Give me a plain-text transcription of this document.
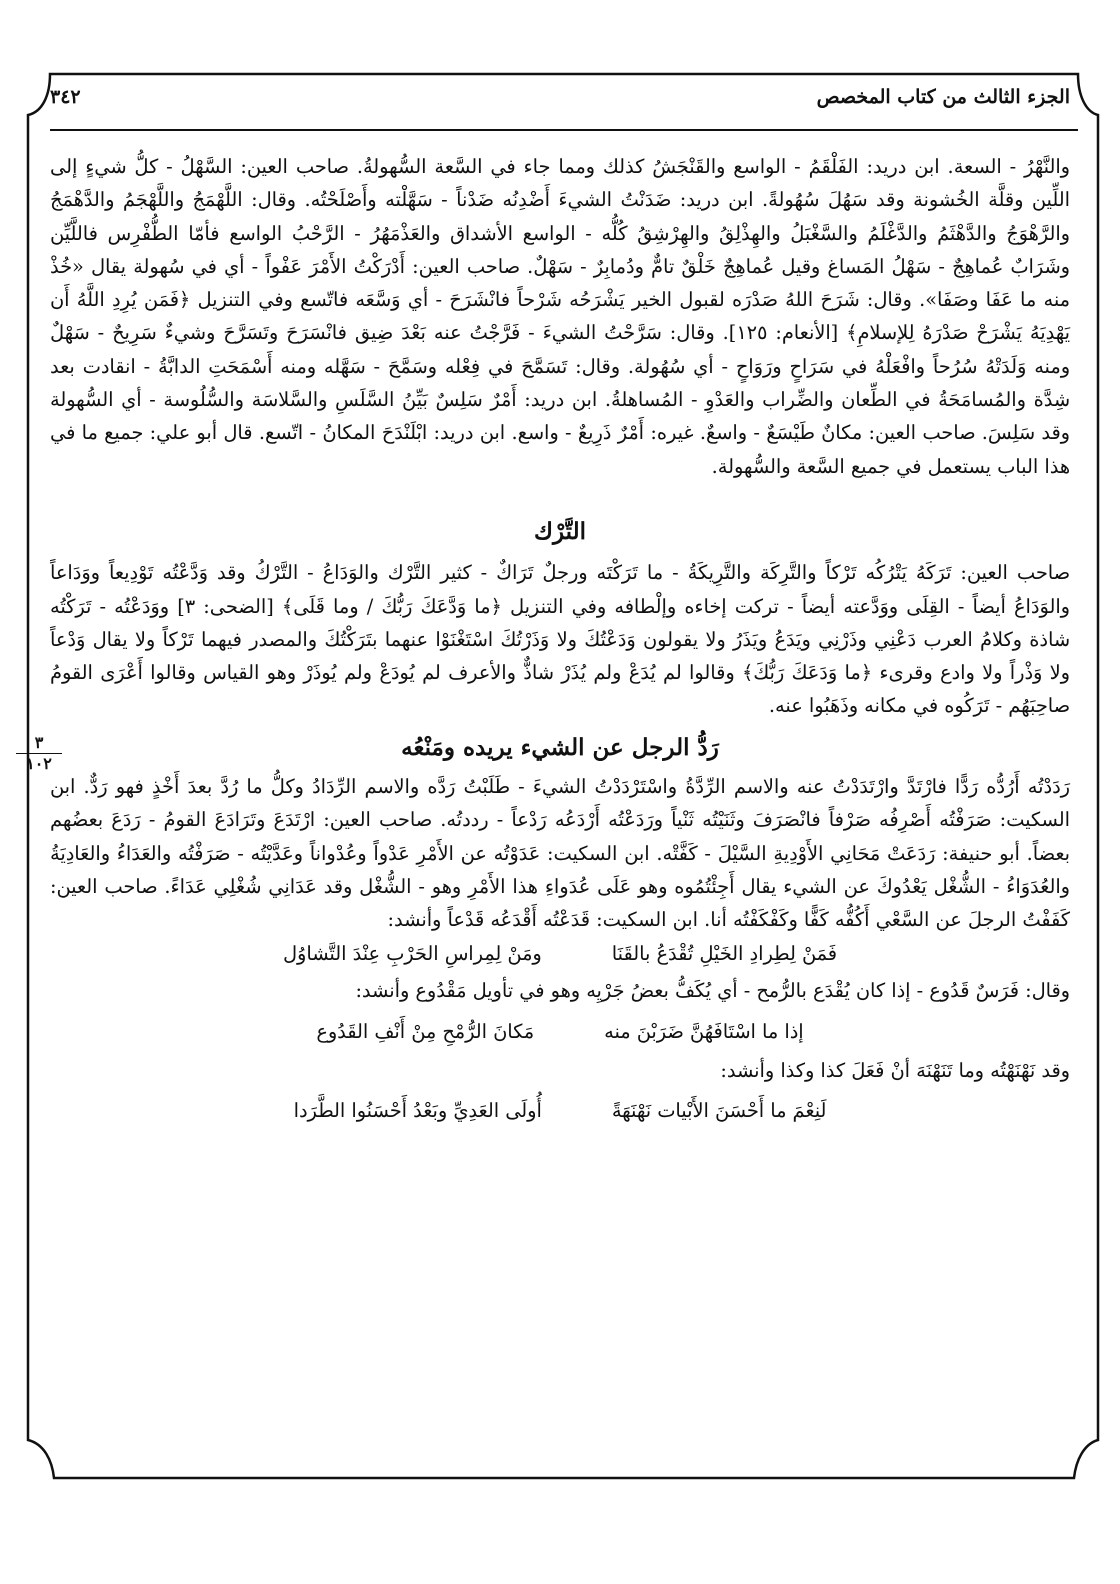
الجزء الثالث من كتاب المخصص
٣٤٢
٣
١٠٢

والنَّهْرُ - السعة. ابن دريد: الفَلْقَمُ - الواسع والقَنْجَشُ كذلك ومما جاء في السَّعة السُّهولةُ. صاحب العين: السَّهْلُ - كلُّ شيءٍ إلى اللِّين وقلَّة الخُشونة وقد سَهُلَ سُهُولةً. ابن دريد: ضَدَنْتُ الشيءَ أَضْدِنُه ضَدْناً - سَهَّلْته وأَصْلَحْتُه. وقال: اللَّهْمَجُ واللَّهْجَمُ والدَّهْمَجُ والرَّهْوَجُ والدَّهْثَمُ والدَّغْلَمُ والسَّغْبَلُ والهِذْلِقُ والهِرْشِقُ كُلُّه - الواسع الأشداق والعَذْمَهُرُ - الرَّحْبُ الواسع فأمّا الطُّفْرِس فاللَّيِّن وشَرَابٌ عُماهِجٌ - سَهْلُ المَساغ وقيل عُماهِجٌ خَلْقٌ تامٌّ ودُمابِرٌ - سَهْلٌ. صاحب العين: أَدْرَكْتُ الأَمْرَ عَفْواً - أي في سُهولة يقال «خُذْ منه ما عَفَا وصَفَا». وقال: شَرَحَ اللهُ صَدْرَه لقبول الخير يَشْرَحُه شَرْحاً فانْشَرَحَ - أي وَسَّعَه فاتّسع وفي التنزيل ﴿فَمَن يُرِدِ اللَّهُ أَن يَهْدِيَهُ يَشْرَحْ صَدْرَهُ لِلإسلامِ﴾ [الأنعام: ١٢٥]. وقال: سَرَّحْتُ الشيءَ - فَرَّجْتُ عنه بَعْدَ ضِيق فانْسَرَحَ وتَسَرَّحَ وشيءٌ سَرِيحٌ - سَهْلٌ ومنه وَلَدَتْهُ سُرُحاً وافْعَلْهُ في سَرَاحٍ ورَوَاحٍ - أي سُهُولة. وقال: تَسَمَّحَ في فِعْله وسَمَّحَ - سَهَّله ومنه أَسْمَحَتِ الدابَّةُ - انقادت بعد شِدَّة والمُسامَحَةُ في الطِّعان والضِّراب والعَدْوِ - المُساهلةُ. ابن دريد: أَمْرٌ سَلِسٌ بَيِّنُ السَّلَسِ والسَّلاسَة والسُّلُوسة - أي السُّهولة وقد سَلِسَ. صاحب العين: مكانٌ طَيْسَعٌ - واسعٌ. غيره: أَمْرٌ ذَرِيعٌ - واسع. ابن دريد: ابْلَنْدَحَ المكانُ - اتّسع. قال أبو علي: جميع ما في هذا الباب يستعمل في جميع السَّعة والسُّهولة.

التَّرْك

صاحب العين: تَرَكَهُ يَتْرُكُه تَرْكاً والتَّرِكَة والتَّرِيكَةُ - ما تَرَكْتَه ورجلٌ تَرَاكٌ - كثير التَّرْك والوَدَاعُ - التَّرْكُ وقد وَدَّعْتُه تَوْدِيعاً ووَدَاعاً والوَدَاعُ أيضاً - القِلَى ووَدَّعته أيضاً - تركت إخاءه وإلْطافه وفي التنزيل ﴿ما وَدَّعَكَ رَبُّكَ / وما قَلَى﴾ [الضحى: ٣] ووَدَعْتُه - تَرَكْتُه شاذة وكلامُ العرب دَعْنِي وذَرْنِي ويَدَعُ ويَذَرُ ولا يقولون وَدَعْتُكَ ولا وَذَرْتُكَ اسْتَغْنَوْا عنهما بتَرَكْتُكَ والمصدر فيهما تَرْكاً ولا يقال وَدْعاً ولا وَذْراً ولا وادع وقرىء ﴿ما وَدَعَكَ رَبُّكَ﴾ وقالوا لم يُدَعْ ولم يُذَرْ شاذٌّ والأعرف لم يُودَعْ ولم يُوذَرْ وهو القياس وقالوا أَعْرَى القومُ صاحِبَهُم - تَرَكُوه في مكانه وذَهَبُوا عنه.

رَدُّ الرجل عن الشيء يريده ومَنْعُه

رَدَدْتُه أَرُدُّه رَدًّا فارْتَدَّ وارْتَدَدْتُ عنه والاسم الرِّدَّةُ واسْتَرْدَدْتُ الشيءَ - طَلَبْتُ رَدَّه والاسم الرِّدَادُ وكلُّ ما رُدَّ بعدَ أَخْذٍ فهو رَدٌّ. ابن السكيت: صَرَفْتُه أَصْرِفُه صَرْفاً فانْصَرَفَ وثَنَيْتُه ثَنْياً ورَدَعْتُه أَرْدَعُه رَدْعاً - رددتُه. صاحب العين: ارْتَدَعَ وتَرَادَعَ القومُ - رَدَعَ بعضُهم بعضاً. أبو حنيفة: رَدَعَتْ مَحَانِي الأَوْدِيةِ السَّيْلَ - كَفَّتْه. ابن السكيت: عَدَوْتُه عن الأَمْرِ عَدْواً وعُدْواناً وعَدَّيْتُه - صَرَفْتُه والعَدَاءُ والعَادِيَةُ والعُدَوَاءُ - الشُّغْل يَعْدُوكَ عن الشيء يقال أَجِئْتُمُوه وهو عَلَى عُدَواءِ هذا الأَمْرِ وهو - الشُّغْل وقد عَدَانِي شُغْلِي عَدَاءً. صاحب العين: كَفَفْتُ الرجلَ عن السَّعْي أَكُفُّه كَفًّا وكَفْكَفْتُه أنا. ابن السكيت: قَدَعْتُه أَقْدَعُه قَدْعاً وأنشد:

فَمَنْ لِطِرادِ الخَيْلِ تُقْدَعُ بالقَنَا
ومَنْ لِمِراسِ الحَرْبِ عِنْدَ التَّشاوُل

وقال: فَرَسٌ قَدُوع - إذا كان يُقْدَع بالرُّمح - أي يُكَفُّ بعضُ جَرْيِه وهو في تأويل مَقْدُوع وأنشد:

إذا ما اسْتَافَهُنَّ ضَرَبْنَ منه
مَكانَ الرُّمْحِ مِنْ أَنْفِ القَدُوع

وقد نَهْنَهْتُه وما تَنَهْنَهَ أنْ فَعَلَ كذا وكذا وأنشد:

لَنِعْمَ ما أَحْسَنَ الأَبْيات نَهْنَهَةً
أُولَى العَدِيِّ وبَعْدُ أَحْسَنُوا الطَّرَدا
